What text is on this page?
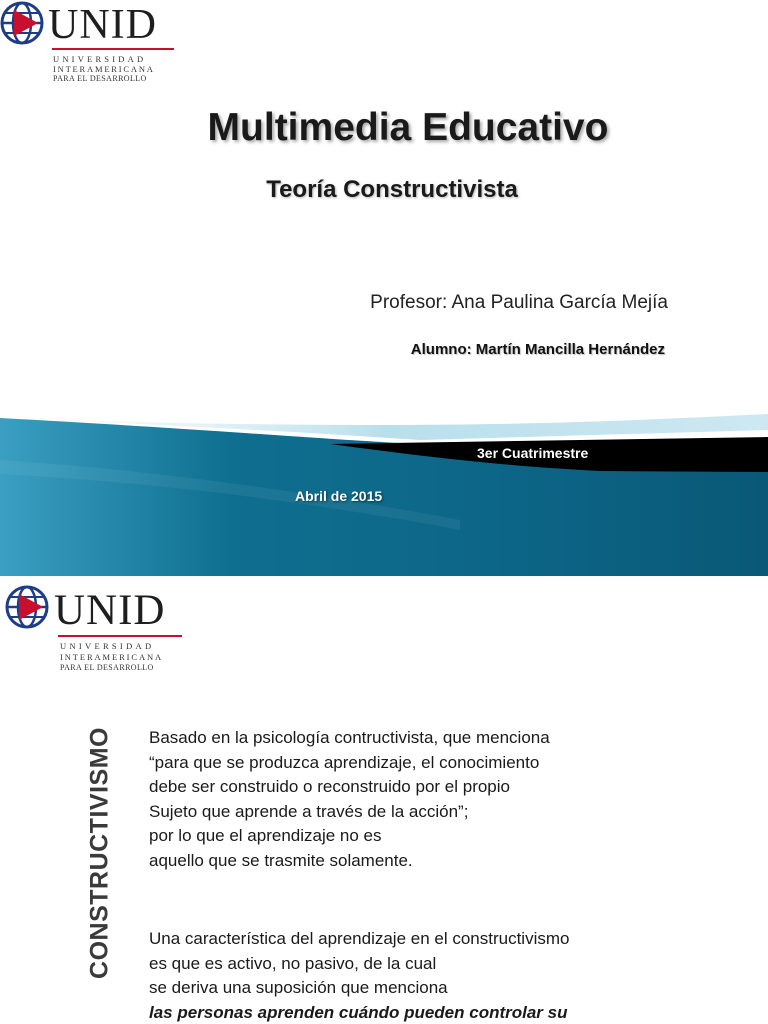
UNID
UNIVERSIDAD
INTERAMERICANA
PARA EL DESARROLLO
Multimedia Educativo
Teoría Constructivista
Profesor: Ana Paulina García Mejía
Alumno: Martín Mancilla Hernández
3er Cuatrimestre
Abril de 2015
UNID
UNIVERSIDAD
INTERAMERICANA
PARA EL DESARROLLO
CONSTRUCTIVISMO Basado en la psicología contructivista, que menciona
“para que se produzca aprendizaje, el conocimiento
debe ser construido o reconstruido por el propio
Sujeto que aprende a través de la acción”;
por lo que el aprendizaje no es
aquello que se trasmite solamente.
Una característica del aprendizaje en el constructivismo
es que es activo, no pasivo, de la cual
se deriva una suposición que menciona
las personas aprenden cuándo pueden controlar su
